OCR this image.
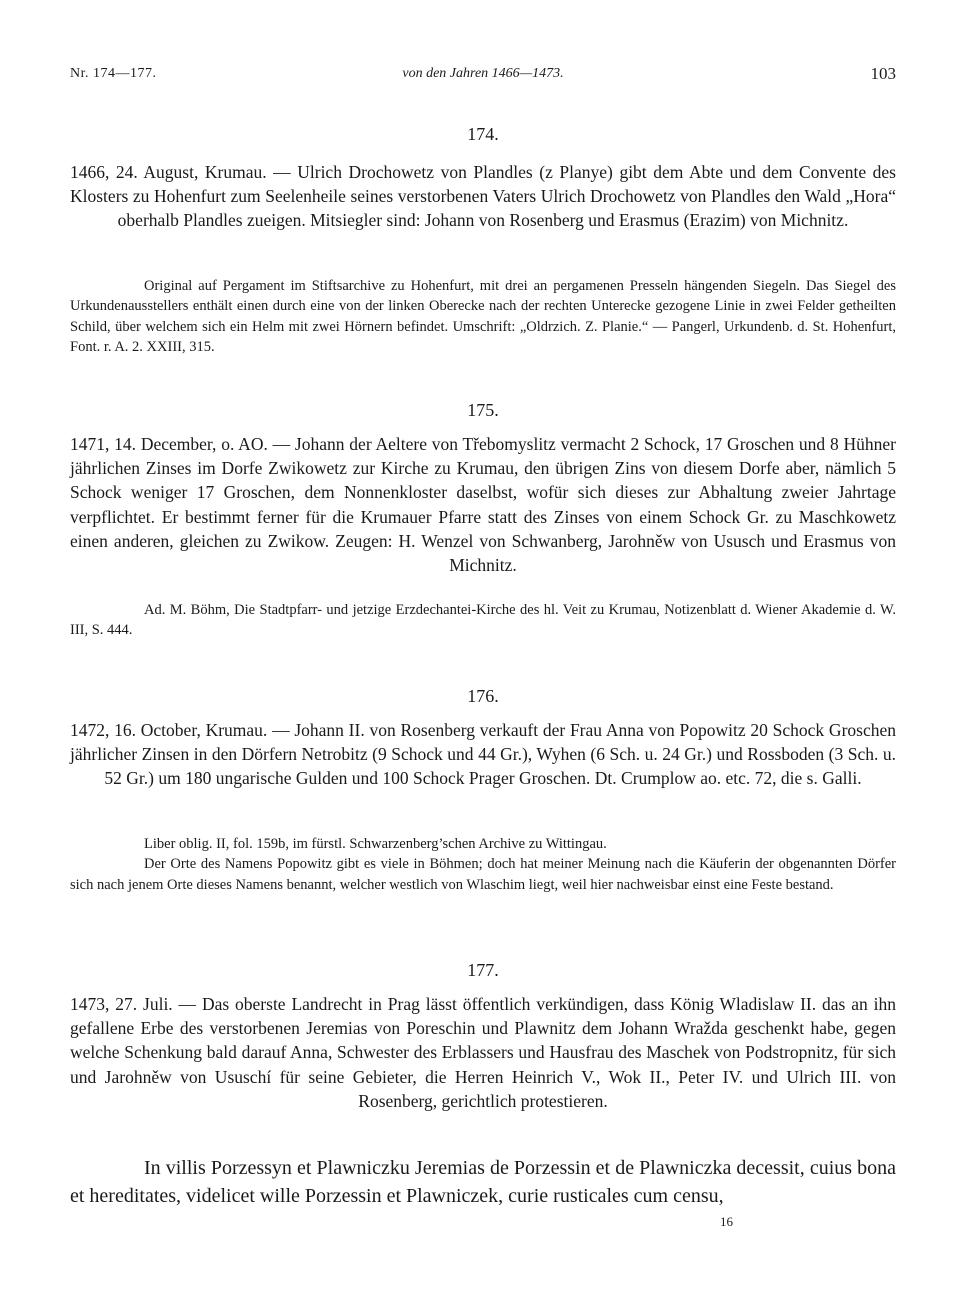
Nr. 174—177.	von den Jahren 1466—1473.	103
174.

1466, 24. August, Krumau. — Ulrich Drochowetz von Plandles (z Planye) gibt dem Abte und dem Convente des Klosters zu Hohenfurt zum Seelenheile seines verstorbenen Vaters Ulrich Drochowetz von Plandles den Wald „Hora“ oberhalb Plandles zueigen. Mitsiegler sind: Johann von Rosenberg und Erasmus (Erazim) von Michnitz.

Original auf Pergament im Stiftsarchive zu Hohenfurt, mit drei an pergamenen Presseln hängenden Siegeln. Das Siegel des Urkundenausstellers enthält einen durch eine von der linken Oberecke nach der rechten Unterecke gezogene Linie in zwei Felder getheilten Schild, über welchem sich ein Helm mit zwei Hörnern befindet. Umschrift: „Oldrzich. Z. Planie.“ — Pangerl, Urkundenb. d. St. Hohenfurt, Font. r. A. 2. XXIII, 315.

175.

1471, 14. December, o. AO. — Johann der Aeltere von Třebomyslitz vermacht 2 Schock, 17 Groschen und 8 Hühner jährlichen Zinses im Dorfe Zwikowetz zur Kirche zu Krumau, den übrigen Zins von diesem Dorfe aber, nämlich 5 Schock weniger 17 Groschen, dem Nonnenkloster daselbst, wofür sich dieses zur Abhaltung zweier Jahrtage verpflichtet. Er bestimmt ferner für die Krumauer Pfarre statt des Zinses von einem Schock Gr. zu Maschkowetz einen anderen, gleichen zu Zwikow. Zeugen: H. Wenzel von Schwanberg, Jarohněw von Ususch und Erasmus von Michnitz.

Ad. M. Böhm, Die Stadtpfarr- und jetzige Erzdechantei-Kirche des hl. Veit zu Krumau, Notizenblatt d. Wiener Akademie d. W. III, S. 444.

176.

1472, 16. October, Krumau. — Johann II. von Rosenberg verkauft der Frau Anna von Popowitz 20 Schock Groschen jährlicher Zinsen in den Dörfern Netrobitz (9 Schock und 44 Gr.), Wyhen (6 Sch. u. 24 Gr.) und Rossboden (3 Sch. u. 52 Gr.) um 180 ungarische Gulden und 100 Schock Prager Groschen. Dt. Crumplow ao. etc. 72, die s. Galli.

Liber oblig. II, fol. 159b, im fürstl. Schwarzenberg’schen Archive zu Wittingau.

Der Orte des Namens Popowitz gibt es viele in Böhmen; doch hat meiner Meinung nach die Käuferin der obgenannten Dörfer sich nach jenem Orte dieses Namens benannt, welcher westlich von Wlaschim liegt, weil hier nachweisbar einst eine Feste bestand.

177.

1473, 27. Juli. — Das oberste Landrecht in Prag lässt öffentlich verkündigen, dass König Wladislaw II. das an ihn gefallene Erbe des verstorbenen Jeremias von Poreschin und Plawnitz dem Johann Wražda geschenkt habe, gegen welche Schenkung bald darauf Anna, Schwester des Erblassers und Hausfrau des Maschek von Podstropnitz, für sich und Jarohněw von Ususchí für seine Gebieter, die Herren Heinrich V., Wok II., Peter IV. und Ulrich III. von Rosenberg, gerichtlich protestieren.

In villis Porzessyn et Plawniczku Jeremias de Porzessin et de Plawniczka decessit, cuius bona et hereditates, videlicet wille Porzessin et Plawniczek, curie rusticales cum censu,

16
